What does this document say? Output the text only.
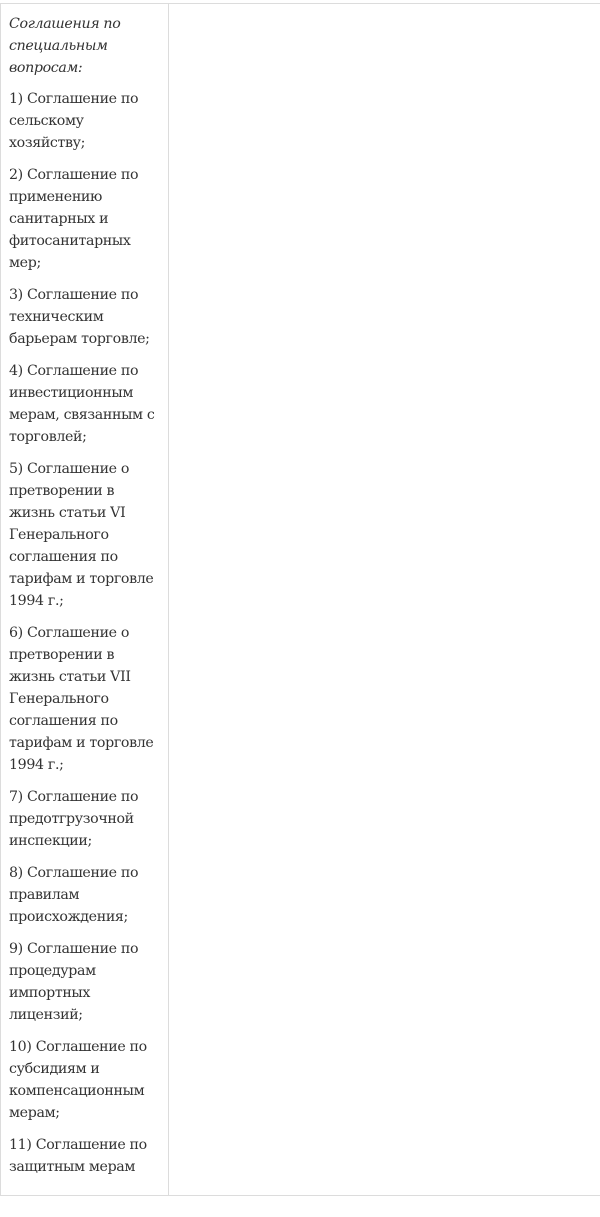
Соглашения по специальным вопросам:

1) Соглашение по сельскому хозяйству;

2) Соглашение по применению санитарных и фитосанитарных мер;

3) Соглашение по техническим барьерам торговле;

4) Соглашение по инвестиционным мерам, связанным с торговлей;

5) Соглашение о претворении в жизнь статьи VI Генерального соглашения по тарифам и торговле 1994 г.;

6) Соглашение о претворении в жизнь статьи VII Генерального соглашения по тарифам и торговле 1994 г.;

7) Соглашение по предотгрузочной инспекции;

8) Соглашение по правилам происхождения;

9) Соглашение по процедурам импортных лицензий;

10) Соглашение по субсидиям и компенсационным мерам;

11) Соглашение по защитным мерам
